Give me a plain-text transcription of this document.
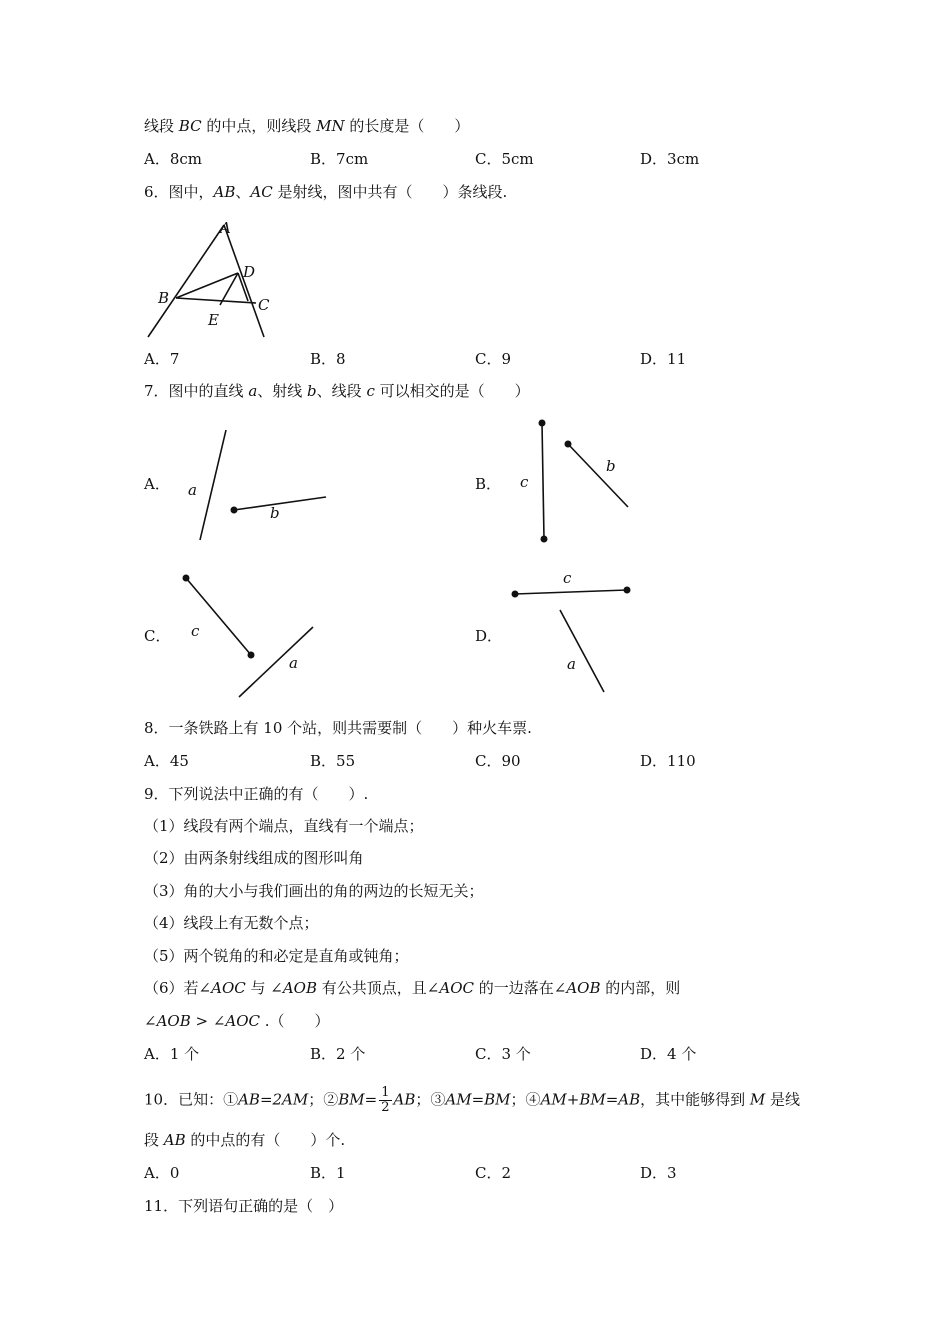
线段 BC 的中点，则线段 MN 的长度是（　　）
A．8cm	B．7cm	C．5cm	D．3cm
6．图中，AB、AC 是射线，图中共有（　　）条线段.
A
B	C
D
E
A．7	B．8	C．9	D．11
7．图中的直线 a、射线 b、线段 c 可以相交的是（　　）
A． a
b
B． c
b
C． c
a
D．
c
a
8．一条铁路上有 10 个站，则共需要制（　　）种火车票.
A．45	B．55	C．90	D．110
9．下列说法中正确的有（　　）.
（1）线段有两个端点，直线有一个端点；
（2）由两条射线组成的图形叫角
（3）角的大小与我们画出的角的两边的长短无关；
（4）线段上有无数个点；
（5）两个锐角的和必定是直角或钝角；
（6）若∠AOC 与 ∠AOB 有公共顶点，且∠AOC 的一边落在∠AOB 的内部，则
∠AOB > ∠AOC .（　　）
A．1 个	B．2 个	C．3 个	D．4 个
10．已知：①AB=2AM；②BM= $\frac{1}{2}$ AB；③AM=BM；④AM+BM=AB，其中能够得到 M 是线
段 AB 的中点的有（　　）个.
A．0	B．1	C．2	D．3
11．下列语句正确的是（　）
